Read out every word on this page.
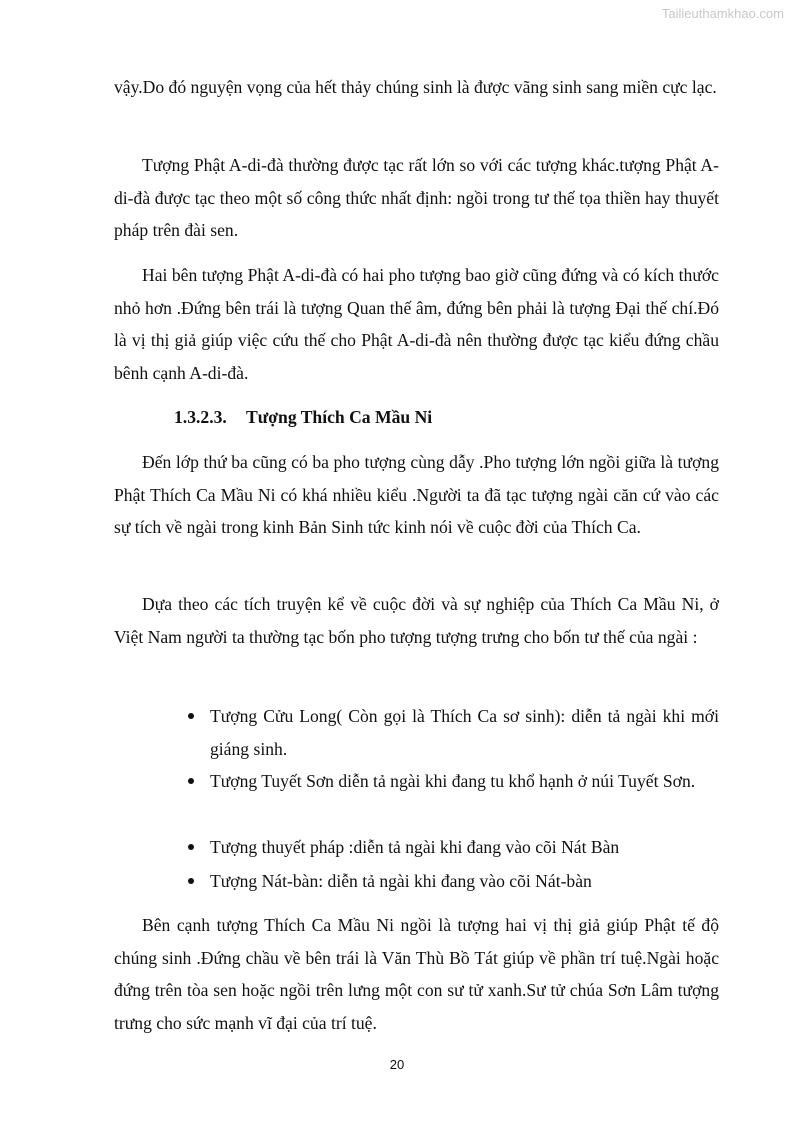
Tailieuthamkhao.com
vậy.Do đó nguyện vọng của hết thảy chúng sinh là được vãng sinh sang miền cực lạc.
Tượng Phật A-di-đà thường được tạc rất lớn so với các tượng khác.tượng Phật A-di-đà được tạc theo một số công thức nhất định: ngồi trong tư thế tọa thiền hay thuyết pháp trên đài sen.
Hai bên tượng Phật A-di-đà có hai pho tượng bao giờ cũng đứng và có kích thước nhỏ hơn .Đứng bên trái là tượng Quan thế âm, đứng bên phải là tượng Đại thế chí.Đó là vị thị giả giúp việc cứu thế cho Phật A-di-đà nên thường được tạc kiểu đứng chầu bênh cạnh A-di-đà.
1.3.2.3. Tượng Thích Ca Mầu Ni
Đến lớp thứ ba cũng có ba pho tượng cùng dẫy .Pho tượng lớn ngồi giữa là tượng Phật Thích Ca Mầu Ni có khá nhiều kiểu .Người ta đã tạc tượng ngài căn cứ vào các sự tích về ngài trong kinh Bản Sinh tức kinh nói về cuộc đời của Thích Ca.
Dựa theo các tích truyện kể về cuộc đời và sự nghiệp của Thích Ca Mầu Ni, ở Việt Nam người ta thường tạc bốn pho tượng tượng trưng cho bốn tư thế của ngài :
Tượng Cửu Long( Còn gọi là Thích Ca sơ sinh): diễn tả ngài khi mới giáng sinh.
Tượng Tuyết Sơn diễn tả ngài khi đang tu khổ hạnh ở núi Tuyết Sơn.
Tượng thuyết pháp :diễn tả ngài khi đang vào cõi Nát Bàn
Tượng Nát-bàn: diễn tả ngài khi đang vào cõi Nát-bàn
Bên cạnh tượng Thích Ca Mầu Ni ngồi là tượng hai vị thị giả giúp Phật tế độ chúng sinh .Đứng chầu về bên trái là Văn Thù Bồ Tát giúp về phần trí tuệ.Ngài hoặc đứng trên tòa sen hoặc ngồi trên lưng một con sư tử xanh.Sư tử chúa Sơn Lâm tượng trưng cho sức mạnh vĩ đại của trí tuệ.
20
